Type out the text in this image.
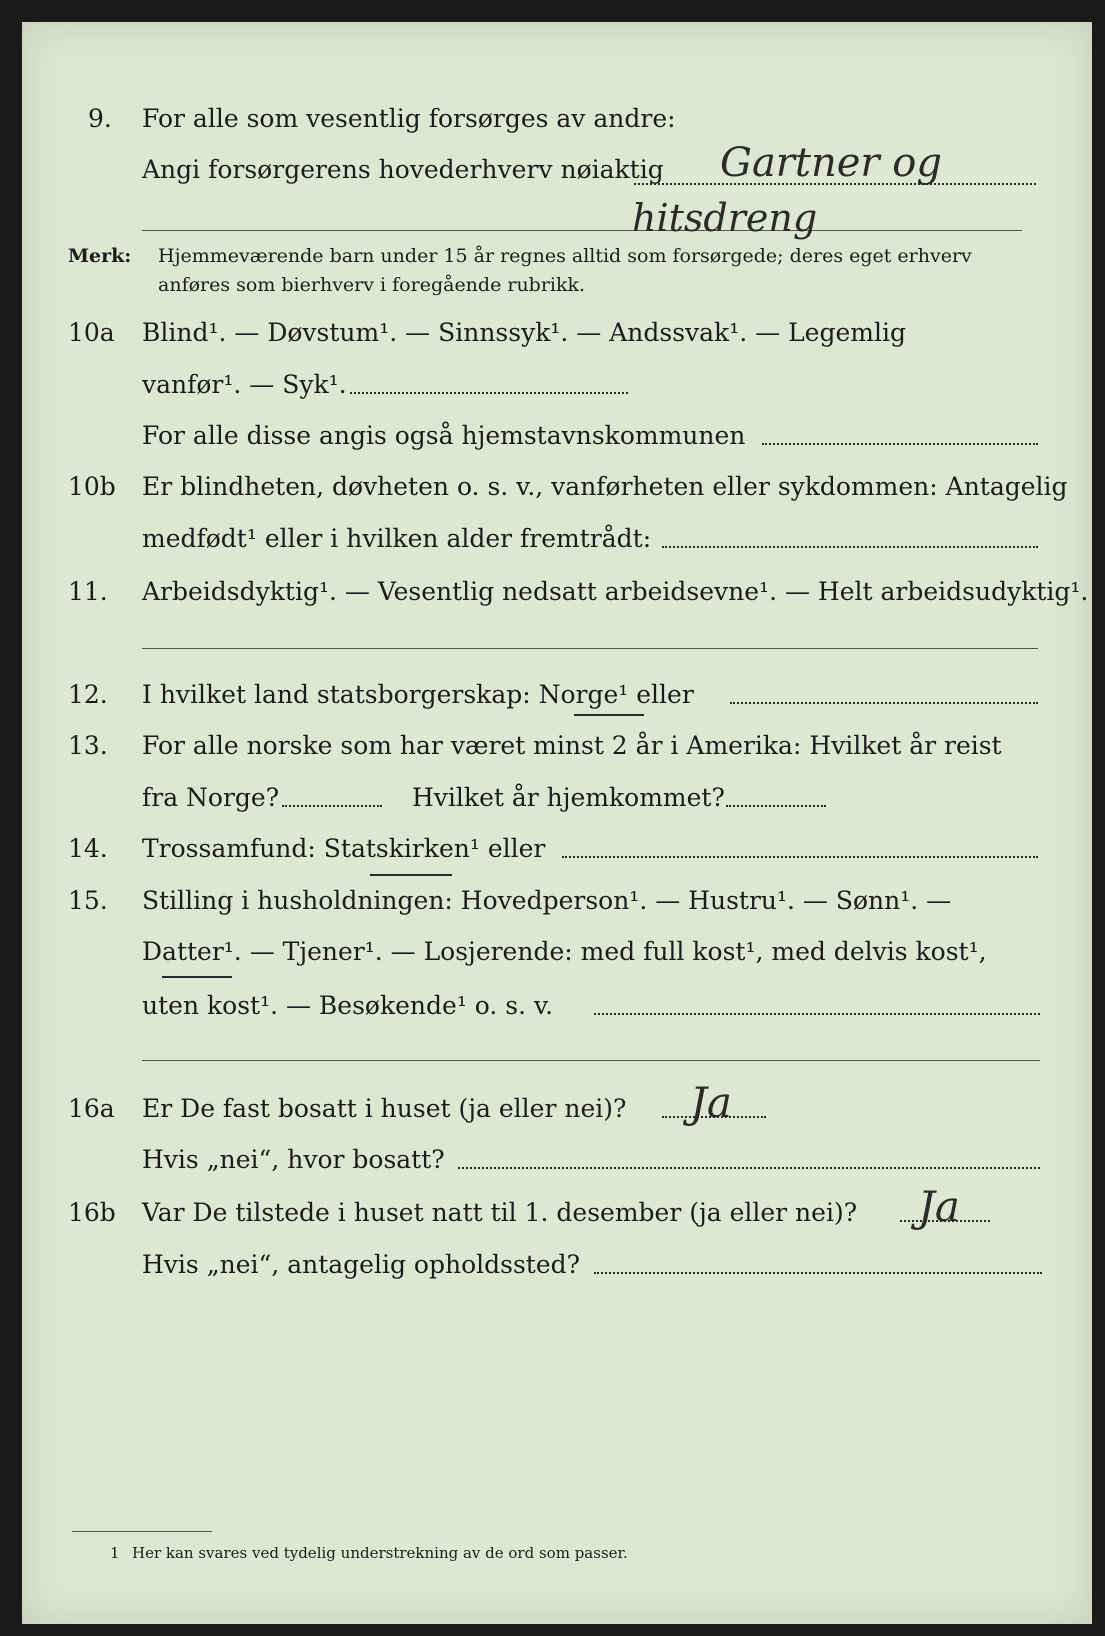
9. For alle som vesentlig forsørges av andre:
Angi forsørgerens hovederhverv nøiaktig Gartner og
hitsdreng
Merk: Hjemmeværende barn under 15 år regnes alltid som forsørgede; deres eget erhverv
anføres som bierhverv i foregående rubrikk.
10a Blind¹. — Døvstum¹. — Sinnssyk¹. — Andssvak¹. — Legemlig
vanfør¹. — Syk¹.
For alle disse angis også hjemstavnskommunen
10b Er blindheten, døvheten o. s. v., vanførheten eller sykdommen: Antagelig
medfødt¹ eller i hvilken alder fremtrådt:
11. Arbeidsdyktig¹. — Vesentlig nedsatt arbeidsevne¹. — Helt arbeidsudyktig¹.
12. I hvilket land statsborgerskap: Norge¹ eller
13. For alle norske som har været minst 2 år i Amerika: Hvilket år reist
fra Norge?	Hvilket år hjemkommet?
14. Trossamfund: Statskirken¹ eller
15. Stilling i husholdningen: Hovedperson¹. — Hustru¹. — Sønn¹. —
Datter¹. — Tjener¹. — Losjerende: med full kost¹, med delvis kost¹,
uten kost¹. — Besøkende¹ o. s. v.
16a Er De fast bosatt i huset (ja eller nei)? Ja
Hvis „nei“, hvor bosatt?
16b Var De tilstede i huset natt til 1. desember (ja eller nei)? Ja
Hvis „nei“, antagelig opholdssted?
1 Her kan svares ved tydelig understrekning av de ord som passer.
